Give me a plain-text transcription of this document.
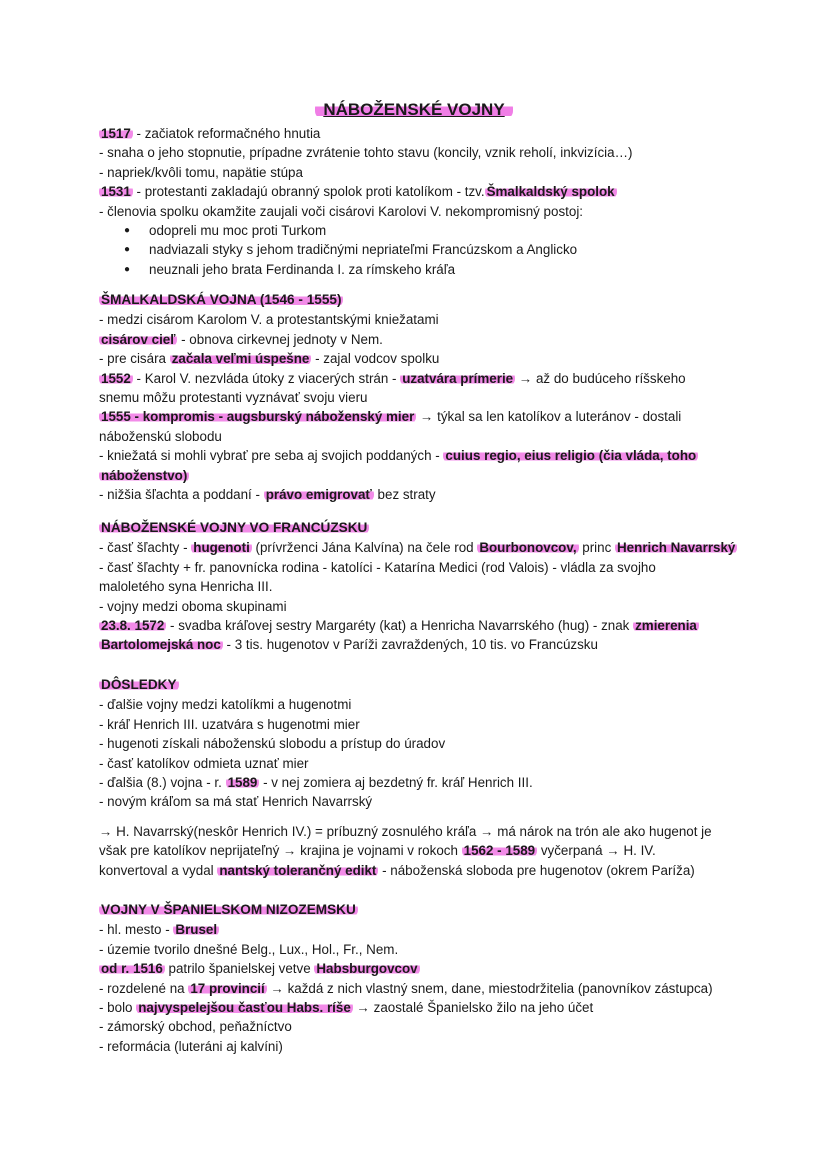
NÁBOŽENSKÉ VOJNY
1517 - začiatok reformačného hnutia
- snaha o jeho stopnutie, prípadne zvrátenie tohto stavu (koncily, vznik reholí, inkvizícia…)
- napriek/kvôli tomu, napätie stúpa
1531 - protestanti zakladajú obranný spolok proti katolíkom - tzv. Šmalkaldský spolok
- členovia spolku okamžite zaujali voči cisárovi Karolovi V. nekompromisný postoj:
● odopreli mu moc proti Turkom
● nadviazali styky s jehom tradičnými nepriateľmi Francúzskom a Anglicko
● neuznali jeho brata Ferdinanda I. za rímskeho kráľa
ŠMALKALDSKÁ VOJNA (1546 - 1555)
- medzi cisárom Karolom V. a protestantskými kniežatami
cisárov cieľ - obnova cirkevnej jednoty v Nem.
- pre cisára začala veľmi úspešne - zajal vodcov spolku
1552 - Karol V. nezvláda útoky z viacerých strán - uzatvára prímerie → až do budúceho ríšskeho
snemu môžu protestanti vyznávať svoju vieru
1555 - kompromis - augsburský náboženský mier → týkal sa len katolíkov a luteránov - dostali
náboženskú slobodu
- kniežatá si mohli vybrať pre seba aj svojich poddaných - cuius regio, eius religio (čia vláda, toho
náboženstvo)
- nižšia šľachta a poddaní - právo emigrovať bez straty
NÁBOŽENSKÉ VOJNY VO FRANCÚZSKU
- časť šľachty - hugenoti (prívrženci Jána Kalvína) na čele rod Bourbonovcov, princ Henrich Navarrský
- časť šľachty + fr. panovnícka rodina - katolíci - Katarína Medici (rod Valois) - vládla za svojho
maloletého syna Henricha III.
- vojny medzi oboma skupinami
23.8. 1572 - svadba kráľovej sestry Margaréty (kat) a Henricha Navarrského (hug) - znak zmierenia
Bartolomejská noc - 3 tis. hugenotov v Paríži zavraždených, 10 tis. vo Francúzsku
DÔSLEDKY
- ďalšie vojny medzi katolíkmi a hugenotmi
- kráľ Henrich III. uzatvára s hugenotmi mier
- hugenoti získali náboženskú slobodu a prístup do úradov
- časť katolíkov odmieta uznať mier
- ďalšia (8.) vojna - r. 1589 - v nej zomiera aj bezdetný fr. kráľ Henrich III.
- novým kráľom sa má stať Henrich Navarrský
→ H. Navarrský(neskôr Henrich IV.) = príbuzný zosnulého kráľa → má nárok na trón ale ako hugenot je
však pre katolíkov neprijateľný → krajina je vojnami v rokoch 1562 - 1589 vyčerpaná → H. IV.
konvertoval a vydal nantský tolerančný edikt - náboženská sloboda pre hugenotov (okrem Paríža)
VOJNY V ŠPANIELSKOM NIZOZEMSKU
- hl. mesto - Brusel
- územie tvorilo dnešné Belg., Lux., Hol., Fr., Nem.
od r. 1516 patrilo španielskej vetve Habsburgovcov
- rozdelené na 17 provincií → každá z nich vlastný snem, dane, miestodržitelia (panovníkov zástupca)
- bolo najvyspelejšou časťou Habs. ríše → zaostalé Španielsko žilo na jeho účet
- zámorský obchod, peňažníctvo
- reformácia (luteráni aj kalvíni)
